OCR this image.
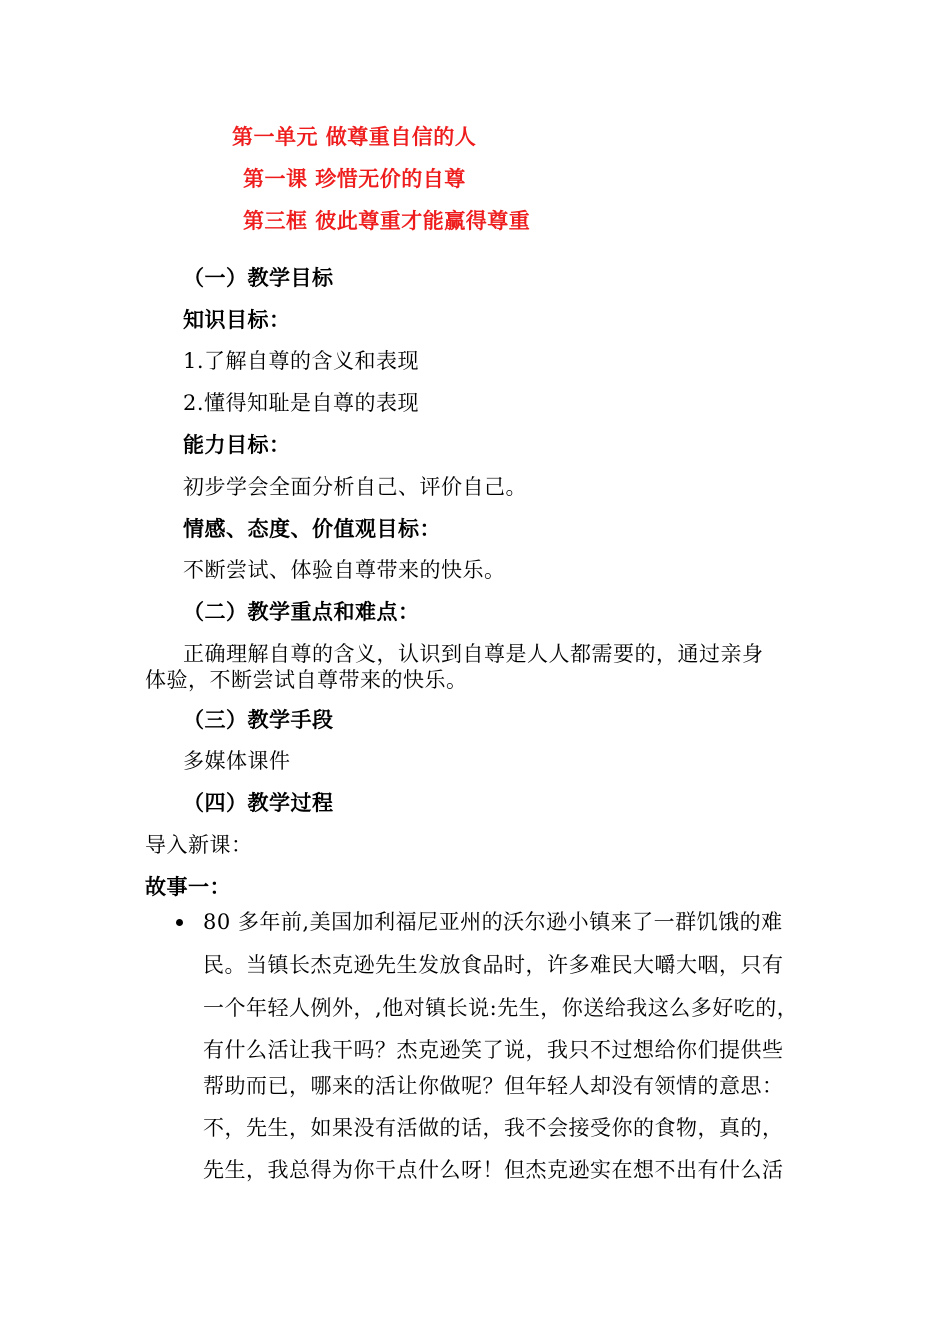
第一单元 做尊重自信的人
第一课 珍惜无价的自尊
第三框 彼此尊重才能赢得尊重
（一）教学目标
知识目标：
1.了解自尊的含义和表现
2.懂得知耻是自尊的表现
能力目标：
初步学会全面分析自己、评价自己。
情感、态度、价值观目标：
不断尝试、体验自尊带来的快乐。
（二）教学重点和难点：
正确理解自尊的含义，认识到自尊是人人都需要的，通过亲身
体验，不断尝试自尊带来的快乐。
（三）教学手段
多媒体课件
（四）教学过程
导入新课：
故事一：
80 多年前,美国加利福尼亚州的沃尔逊小镇来了一群饥饿的难
民。当镇长杰克逊先生发放食品时，许多难民大嚼大咽，只有
一个年轻人例外，,他对镇长说:先生，你送给我这么多好吃的，
有什么活让我干吗？杰克逊笑了说，我只不过想给你们提供些
帮助而已，哪来的活让你做呢？但年轻人却没有领情的意思：
不，先生，如果没有活做的话，我不会接受你的食物，真的，
先生，我总得为你干点什么呀！但杰克逊实在想不出有什么活
